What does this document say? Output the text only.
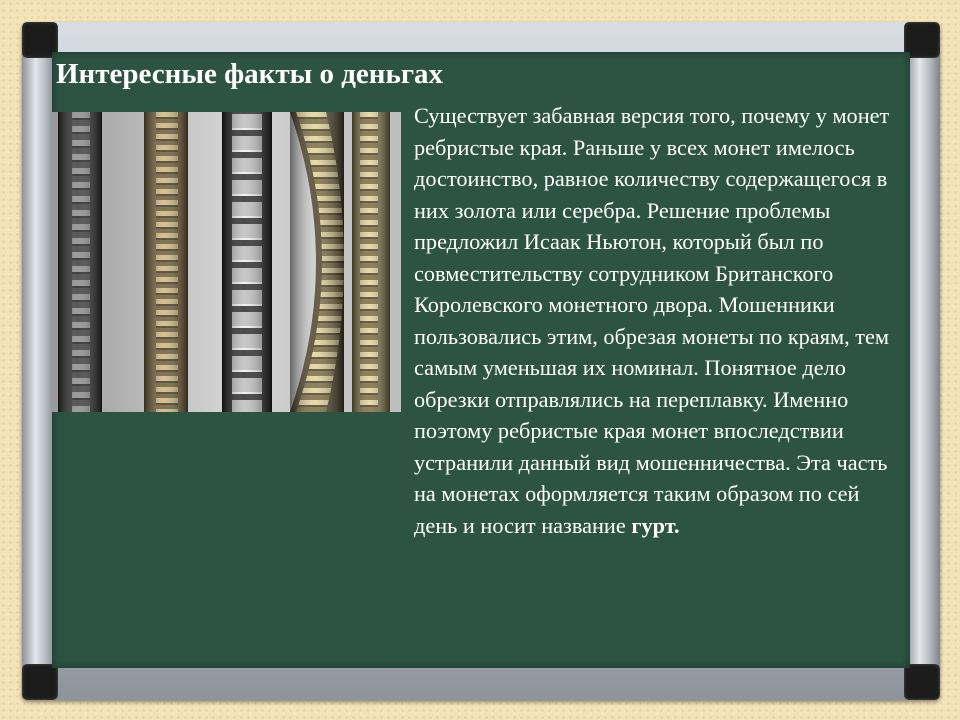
Интересные факты о деньгах

Существует забавная версия того, почему у монет ребристые края. Раньше у всех монет имелось достоинство, равное количеству содержащегося в них золота или серебра. Решение проблемы предложил Исаак Ньютон, который был по совместительству сотрудником Британского Королевского монетного двора. Мошенники пользовались этим, обрезая монеты по краям, тем самым уменьшая их номинал. Понятное дело обрезки отправлялись на переплавку. Именно поэтому ребристые края монет впоследствии устранили данный вид мошенничества. Эта часть на монетах оформляется таким образом по сей день и носит название гурт.
